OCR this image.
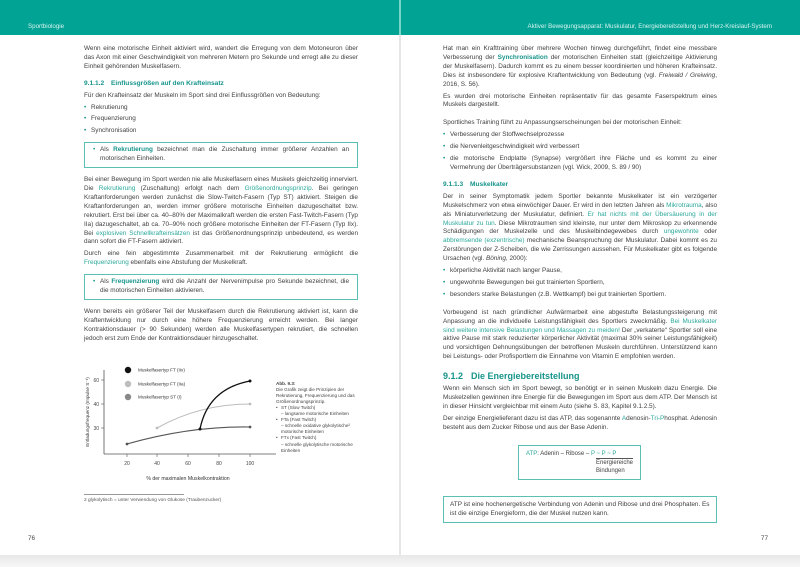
Sportbiologie

Wenn eine motorische Einheit aktiviert wird, wandert die Erregung von dem Motoneuron über das Axon mit einer Geschwindigkeit von mehreren Metern pro Sekunde und erregt alle zu dieser Einheit gehörenden Muskelfasern.

9.1.1.2 Einflussgrößen auf den Krafteinsatz

Für den Krafteinsatz der Muskeln im Sport sind drei Einflussgrößen von Bedeutung:

• Rekrutierung
• Frequenzierung
• Synchronisation
• Als Rekrutierung bezeichnet man die Zuschaltung immer größerer Anzahlen an motorischen Einheiten.

Bei einer Bewegung im Sport werden nie alle Muskelfasern eines Muskels gleichzeitig innerviert. Die Rekrutierung (Zuschaltung) erfolgt nach dem Größenordnungsprinzip. Bei geringen Kraftanforderungen werden zunächst die Slow-Twitch-Fasern (Typ ST) aktiviert. Steigen die Kraftanforderungen an, werden immer größere motorische Einheiten dazugeschaltet bzw. rekrutiert. Erst bei über ca. 40–80% der Maximalkraft werden die ersten Fast-Twitch-Fasern (Typ IIa) dazugeschaltet, ab ca. 70–90% noch größere motorische Einheiten der FT-Fasern (Typ IIx). Bei explosiven Schnellkrafteinsätzen ist das Größenordnungsprinzip unbedeutend, es werden dann sofort die FT-Fasern aktiviert.

Durch eine fein abgestimmte Zusammenarbeit mit der Rekrutierung ermöglicht die Frequenzierung ebenfalls eine Abstufung der Muskelkraft.

• Als Frequenzierung wird die Anzahl der Nervenimpulse pro Sekunde bezeichnet, die die motorischen Einheiten aktivieren.

Wenn bereits ein größerer Teil der Muskelfasern durch die Rekrutierung aktiviert ist, kann die Kraftentwicklung nur durch eine höhere Frequenzierung erreicht werden. Bei langer Kontraktionsdauer (> 90 Sekunden) werden alle Muskelfasertypen rekrutiert, die schnellen jedoch erst zum Ende der Kontraktionsdauer hinzugeschaltet.

60
40
30
20	40	60	80	100
% der maximalen Muskelkontraktion
Entladungsfrequenz (Impulse S⁻¹)
Muskelfasertyp FT (IIx)
Muskelfasertyp FT (IIa)
Muskelfasertyp ST (I)
Abb. 9.3:
Die Grafik zeigt die Prinzipien der Rekrutierung, Frequenzierung und das Größenordnungsprinzip.
• ST (Slow Twitch)
– langsame motorische Einheiten
• FTa (Fast Twitch)
– schnelle oxidative glykolytische² motorische Einheiten
• FTx (Fast Twitch)
– schnelle glykolytische motorische Einheiten
2 glykolytisch = unter Verwendung von Glukose (Traubenzucker)
76
Aktiver Bewegungsapparat: Muskulatur, Energiebereitstellung und Herz-Kreislauf-System

Hat man ein Krafttraining über mehrere Wochen hinweg durchgeführt, findet eine messbare Verbesserung der Synchronisation der motorischen Einheiten statt (gleichzeitige Aktivierung der Muskelfasern). Dadurch kommt es zu einem besser koordinierten und höheren Krafteinsatz. Dies ist insbesondere für explosive Kraftentwicklung von Bedeutung (vgl. Freiwald / Greiwing, 2016, S. 56).

Es wurden drei motorische Einheiten repräsentativ für das gesamte Faserspektrum eines Muskels dargestellt.

Sportliches Training führt zu Anpassungserscheinungen bei der motorischen Einheit:

• Verbesserung der Stoffwechselprozesse
• die Nervenleitgeschwindigkeit wird verbessert
• die motorische Endplatte (Synapse) vergrößert ihre Fläche und es kommt zu einer Vermehrung der Überträgersubstanzen (vgl. Wick, 2009, S. 89 / 90)
9.1.1.3 Muskelkater

Der in seiner Symptomatik jedem Sportler bekannte Muskelkater ist ein verzögerter Muskelschmerz von etwa einwöchiger Dauer. Er wird in den letzten Jahren als Mikrotrauma, also als Miniaturverletzung der Muskulatur, definiert. Er hat nichts mit der Übersäuerung in der Muskulatur zu tun. Diese Mikrotraumen sind kleinste, nur unter dem Mikroskop zu erkennende Schädigungen der Muskelzelle und des Muskelbindegewebes durch ungewohnte oder abbremsende (exzentrische) mechanische Beanspruchung der Muskulatur. Dabei kommt es zu Zerstörungen der Z-Scheiben, die wie Zerrissungen aussehen. Für Muskelkater gibt es folgende Ursachen (vgl. Böning, 2000):

• körperliche Aktivität nach langer Pause,
• ungewohnte Bewegungen bei gut trainierten Sportlern,
• besonders starke Belastungen (z.B. Wettkampf) bei gut trainierten Sportlern.

Vorbeugend ist nach gründlicher Aufwärmarbeit eine abgestufte Belastungssteigerung mit Anpassung an die individuelle Leistungsfähigkeit des Sportlers zweckmäßig. Bei Muskelkater sind weitere intensive Belastungen und Massagen zu meiden! Der „verkaterte“ Sportler soll eine aktive Pause mit stark reduzierter körperlicher Aktivität (maximal 30% seiner Leistungsfähigkeit) und vorsichtigen Dehnungsübungen der betroffenen Muskeln durchführen. Unterstützend kann bei Leistungs- oder Profisportlern die Einnahme von Vitamin E empfohlen werden.

9.1.2 Die Energiebereitstellung

Wenn ein Mensch sich im Sport bewegt, so benötigt er in seinen Muskeln dazu Energie. Die Muskelzellen gewinnen ihre Energie für die Bewegungen im Sport aus dem ATP. Der Mensch ist in dieser Hinsicht vergleichbar mit einem Auto (siehe S. 83, Kapitel 9.1.2.5).

Der einzige Energielieferant dazu ist das ATP, das sogenannte Adenosin-Tri-Phosphat. Adenosin besteht aus dem Zucker Ribose und aus der Base Adenin.

ATP: Adenin – Ribose – P ~ P ~ P
Energiereiche
Bindungen
ATP ist eine hochenergetische Verbindung von Adenin und Ribose und drei Phosphaten. Es ist die einzige Energieform, die der Muskel nutzen kann.
77
